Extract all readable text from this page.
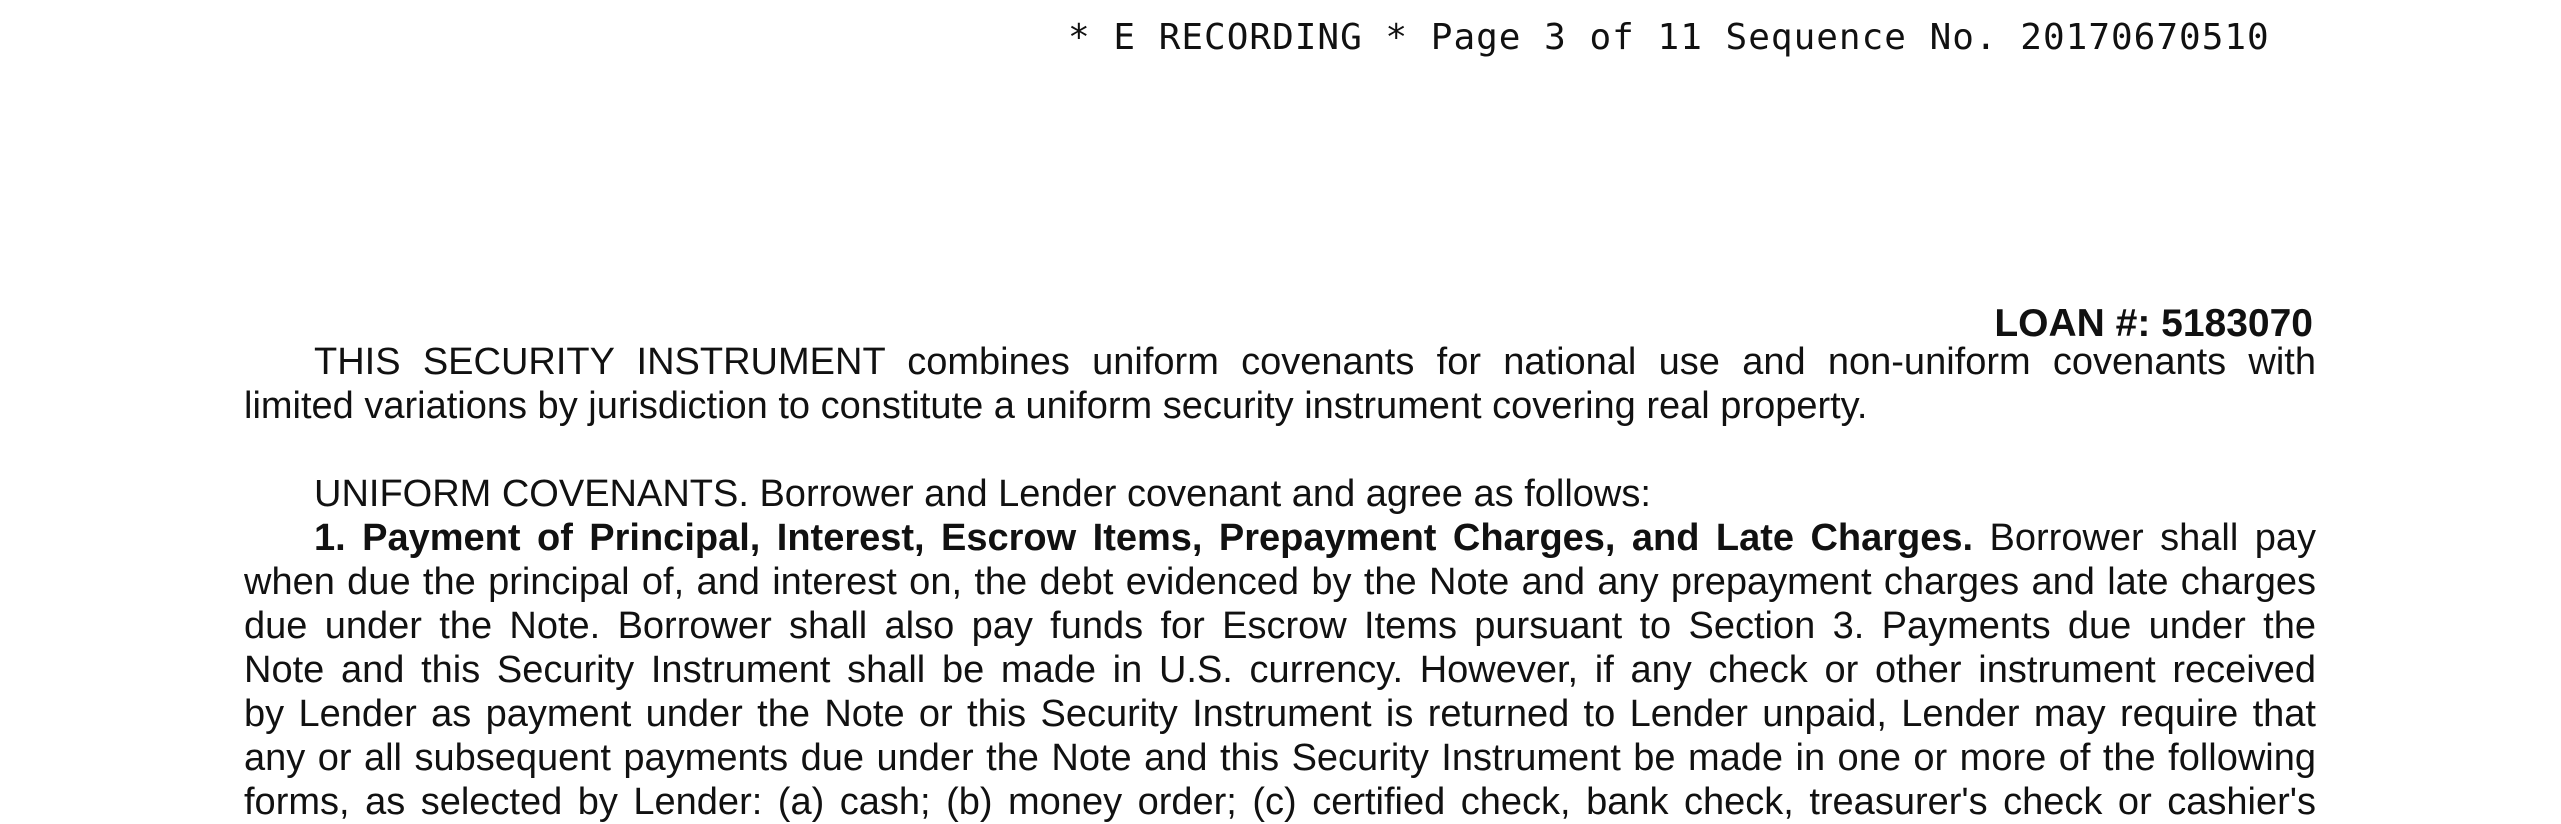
* E RECORDING * Page 3 of 11 Sequence No. 20170670510
LOAN #: 5183070
THIS SECURITY INSTRUMENT combines uniform covenants for national use and non-uniform covenants with
limited variations by jurisdiction to constitute a uniform security instrument covering real property.
UNIFORM COVENANTS. Borrower and Lender covenant and agree as follows:
1. Payment of Principal, Interest, Escrow Items, Prepayment Charges, and Late Charges. Borrower shall pay
when due the principal of, and interest on, the debt evidenced by the Note and any prepayment charges and late charges
due under the Note. Borrower shall also pay funds for Escrow Items pursuant to Section 3. Payments due under the
Note and this Security Instrument shall be made in U.S. currency. However, if any check or other instrument received
by Lender as payment under the Note or this Security Instrument is returned to Lender unpaid, Lender may require that
any or all subsequent payments due under the Note and this Security Instrument be made in one or more of the following
forms, as selected by Lender: (a) cash; (b) money order; (c) certified check, bank check, treasurer's check or cashier's
